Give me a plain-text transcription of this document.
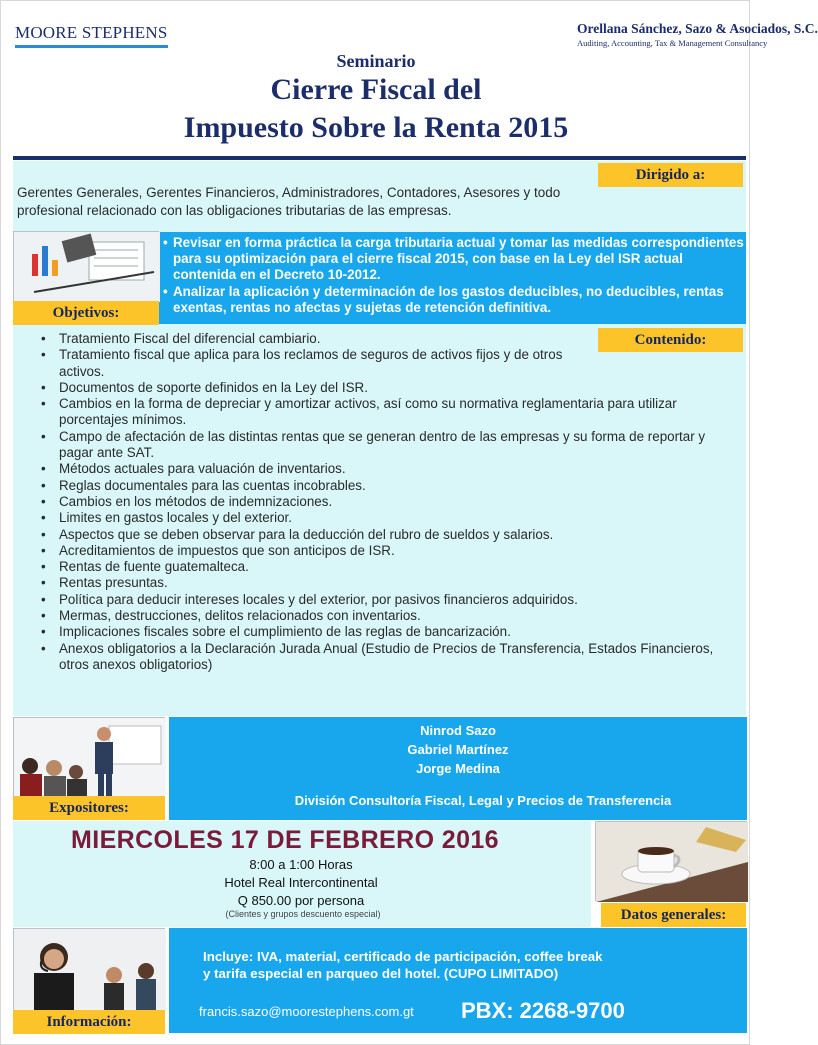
MOORE STEPHENS	Orellana Sánchez, Sazo & Asociados, S.C.
Auditing, Accounting, Tax & Management Consultancy
Seminario
Cierre Fiscal del
Impuesto Sobre la Renta 2015
Dirigido a:
Gerentes Generales, Gerentes Financieros, Administradores, Contadores, Asesores y todo profesional relacionado con las obligaciones tributarias de las empresas.
Objetivos:
• Revisar en forma práctica la carga tributaria actual y tomar las medidas correspondientes para su optimización para el cierre fiscal 2015, con base en la Ley del ISR actual contenida en el Decreto 10-2012.
• Analizar la aplicación y determinación de los gastos deducibles, no deducibles, rentas exentas, rentas no afectas y sujetas de retención definitiva.
Contenido:
• Tratamiento Fiscal del diferencial cambiario.
• Tratamiento fiscal que aplica para los reclamos de seguros de activos fijos y de otros activos.
• Documentos de soporte definidos en la Ley del ISR.
• Cambios en la forma de depreciar y amortizar activos, así como su normativa reglamentaria para utilizar porcentajes mínimos.
• Campo de afectación de las distintas rentas que se generan dentro de las empresas y su forma de reportar y pagar ante SAT.
• Métodos actuales para valuación de inventarios.
• Reglas documentales para las cuentas incobrables.
• Cambios en los métodos de indemnizaciones.
• Limites en gastos locales y del exterior.
• Aspectos que se deben observar para la deducción del rubro de sueldos y salarios.
• Acreditamientos de impuestos que son anticipos de ISR.
• Rentas de fuente guatemalteca.
• Rentas presuntas.
• Política para deducir intereses locales y del exterior, por pasivos financieros adquiridos.
• Mermas, destrucciones, delitos relacionados con inventarios.
• Implicaciones fiscales sobre el cumplimiento de las reglas de bancarización.
• Anexos obligatorios a la Declaración Jurada Anual (Estudio de Precios de Transferencia, Estados Financieros, otros anexos obligatorios)
Expositores:
Ninrod Sazo
Gabriel Martínez
Jorge Medina
División Consultoría Fiscal, Legal y Precios de Transferencia
MIERCOLES 17 DE FEBRERO 2016
8:00 a 1:00 Horas
Hotel Real Intercontinental
Q 850.00 por persona
(Clientes y grupos descuento especial)	Datos generales:
Información:
Incluye: IVA, material, certificado de participación, coffee break
y tarifa especial en parqueo del hotel. (CUPO LIMITADO)
francis.sazo@moorestephens.com.gt PBX: 2268-9700
